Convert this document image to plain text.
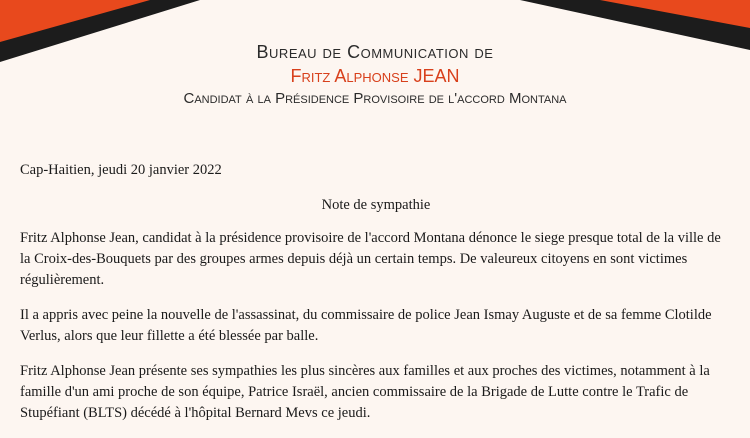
Bureau de Communication de
Fritz Alphonse JEAN
Candidat à la Présidence Provisoire de l'accord Montana
Cap-Haitien, jeudi 20 janvier 2022
Note de sympathie

Fritz Alphonse Jean, candidat à la présidence provisoire de l'accord Montana dénonce le siege presque total de la ville de la Croix-des-Bouquets par des groupes armes depuis déjà un certain temps. De valeureux citoyens en sont victimes régulièrement.

Il a appris avec peine la nouvelle de l'assassinat, du commissaire de police Jean Ismay Auguste et de sa femme Clotilde Verlus, alors que leur fillette a été blessée par balle.

Fritz Alphonse Jean présente ses sympathies les plus sincères aux familles et aux proches des victimes, notamment à la famille d'un ami proche de son équipe, Patrice Israël, ancien commissaire de la Brigade de Lutte contre le Trafic de Stupéfiant (BLTS) décédé à l'hôpital Bernard Mevs ce jeudi.
